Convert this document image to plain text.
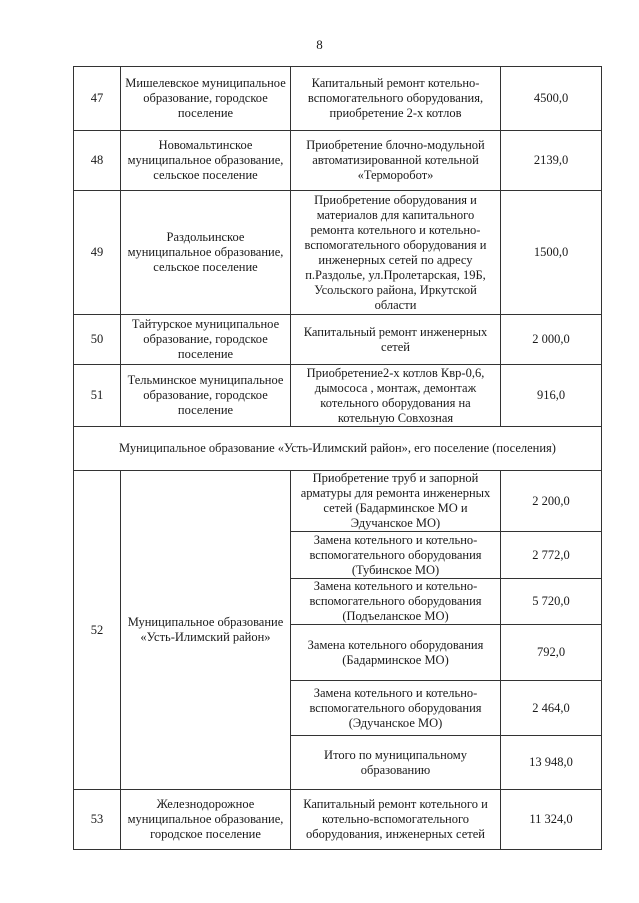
8
47	Мишелевское муниципальное образование, городское поселение	Капитальный ремонт котельно-вспомогательного оборудования, приобретение 2-х котлов	4500,0
48	Новомальтинское муниципальное образование, сельское поселение	Приобретение блочно-модульной автоматизированной котельной «Терморобот»	2139,0
49	Раздольинское муниципальное образование, сельское поселение	Приобретение оборудования и материалов для капитального ремонта котельного и котельно-вспомогательного оборудования и инженерных сетей по адресу п.Раздолье, ул.Пролетарская, 19Б, Усольского района, Иркутской области	1500,0
50	Тайтурское муниципальное образование, городское поселение	Капитальный ремонт инженерных сетей	2 000,0
51	Тельминское муниципальное образование, городское поселение	Приобретение2-х котлов Квр-0,6, дымососа , монтаж, демонтаж котельного оборудования на котельную Совхозная	916,0
Муниципальное образование «Усть-Илимский район», его поселение (поселения)			
52	Муниципальное образование «Усть-Илимский район»	Приобретение труб и запорной арматуры для ремонта инженерных сетей (Бадарминское МО и Эдучанское МО)	2 200,0
		Замена котельного и котельно-вспомогательного оборудования (Тубинское МО)	2 772,0
		Замена котельного и котельно-вспомогательного оборудования (Подъеланское МО)	5 720,0
		Замена котельного оборудования (Бадарминское МО)	792,0
		Замена котельного и котельно-вспомогательного оборудования (Эдучанское МО)	2 464,0
		Итого по муниципальному образованию	13 948,0
53	Железнодорожное муниципальное образование, городское поселение	Капитальный ремонт котельного и котельно-вспомогательного оборудования, инженерных сетей	11 324,0
